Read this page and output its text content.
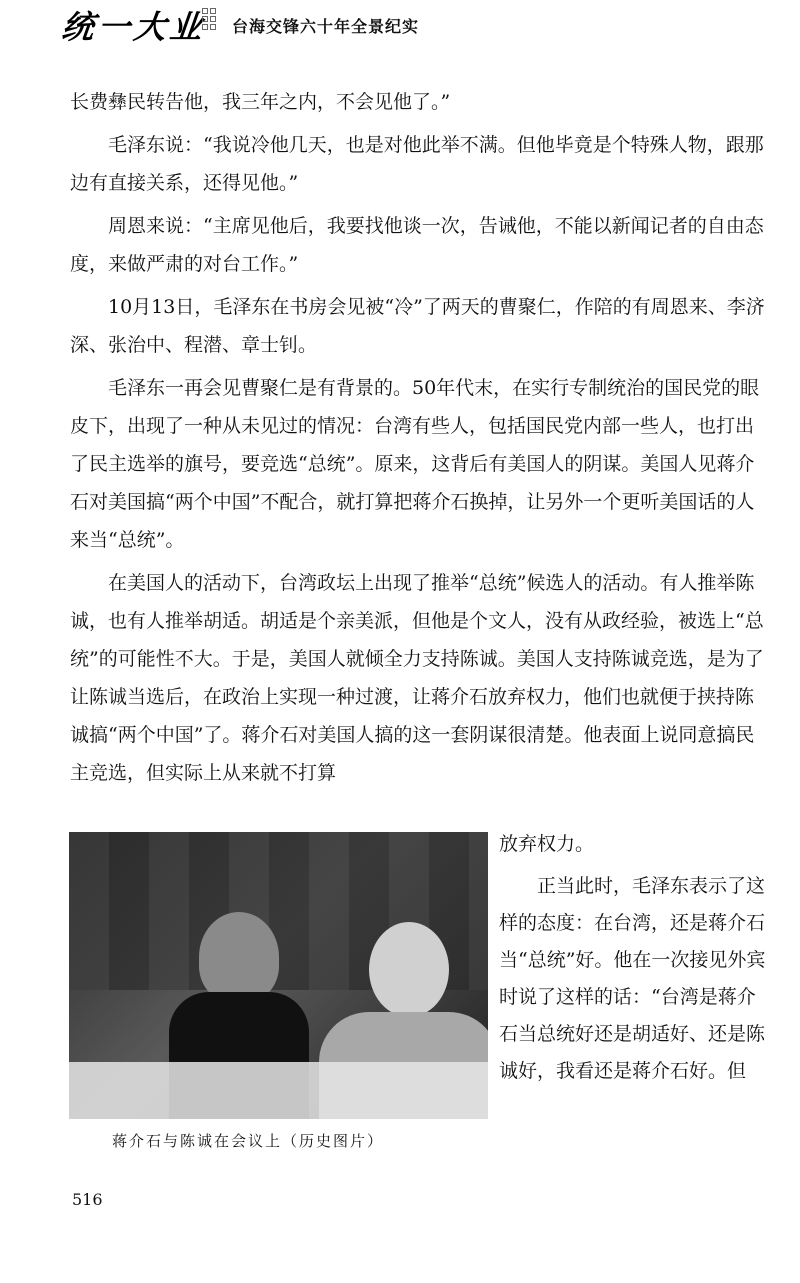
统一大业 台海交锋六十年全景纪实

长费彝民转告他，我三年之内，不会见他了。”

毛泽东说：“我说冷他几天，也是对他此举不满。但他毕竟是个特殊人物，跟那边有直接关系，还得见他。”

周恩来说：“主席见他后，我要找他谈一次，告诫他，不能以新闻记者的自由态度，来做严肃的对台工作。”

10月13日，毛泽东在书房会见被“冷”了两天的曹聚仁，作陪的有周恩来、李济深、张治中、程潜、章士钊。

毛泽东一再会见曹聚仁是有背景的。50年代末，在实行专制统治的国民党的眼皮下，出现了一种从未见过的情况：台湾有些人，包括国民党内部一些人，也打出了民主选举的旗号，要竞选“总统”。原来，这背后有美国人的阴谋。美国人见蒋介石对美国搞“两个中国”不配合，就打算把蒋介石换掉，让另外一个更听美国话的人来当“总统”。

在美国人的活动下，台湾政坛上出现了推举“总统”候选人的活动。有人推举陈诚，也有人推举胡适。胡适是个亲美派，但他是个文人，没有从政经验，被选上“总统”的可能性不大。于是，美国人就倾全力支持陈诚。美国人支持陈诚竞选，是为了让陈诚当选后，在政治上实现一种过渡，让蒋介石放弃权力，他们也就便于挟持陈诚搞“两个中国”了。蒋介石对美国人搞的这一套阴谋很清楚。他表面上说同意搞民主竞选，但实际上从来就不打算

放弃权力。

正当此时，毛泽东表示了这样的态度：在台湾，还是蒋介石当“总统”好。他在一次接见外宾时说了这样的话：“台湾是蒋介石当总统好还是胡适好、还是陈诚好，我看还是蒋介石好。但

蒋介石与陈诚在会议上（历史图片）
516
